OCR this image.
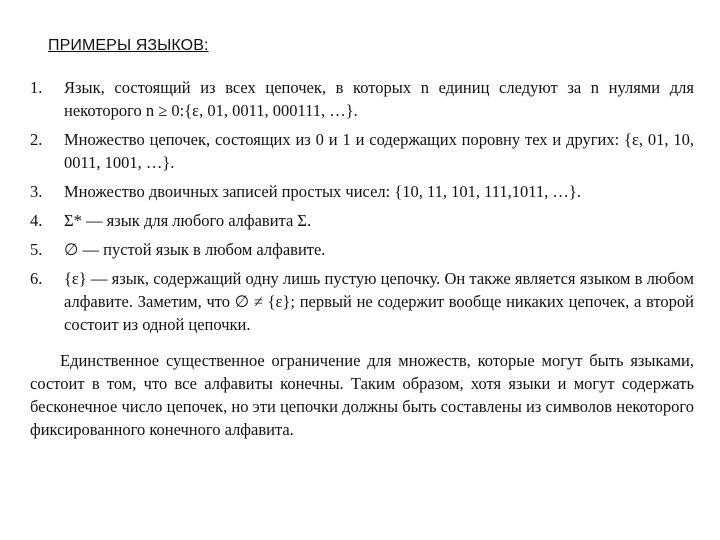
ПРИМЕРЫ ЯЗЫКОВ:
1.	Язык, состоящий из всех цепочек, в которых n единиц следуют за n нулями для некоторого n ≥ 0:{ε, 01, 0011, 000111, …}.
2.	Множество цепочек, состоящих из 0 и 1 и содержащих поровну тех и других: {ε, 01, 10, 0011, 1001, …}.
3.	Множество двоичных записей простых чисел: {10, 11, 101, 111,1011, …}.
4.	Σ* — язык для любого алфавита Σ.
5.	∅ — пустой язык в любом алфавите.
6.	{ε} — язык, содержащий одну лишь пустую цепочку. Он также является языком в любом алфавите. Заметим, что ∅ ≠ {ε}; первый не содержит вообще никаких цепочек, а второй состоит из одной цепочки.

Единственное существенное ограничение для множеств, которые могут быть языками, состоит в том, что все алфавиты конечны. Таким образом, хотя языки и могут содержать бесконечное число цепочек, но эти цепочки должны быть составлены из символов некоторого фиксированного конечного алфавита.
